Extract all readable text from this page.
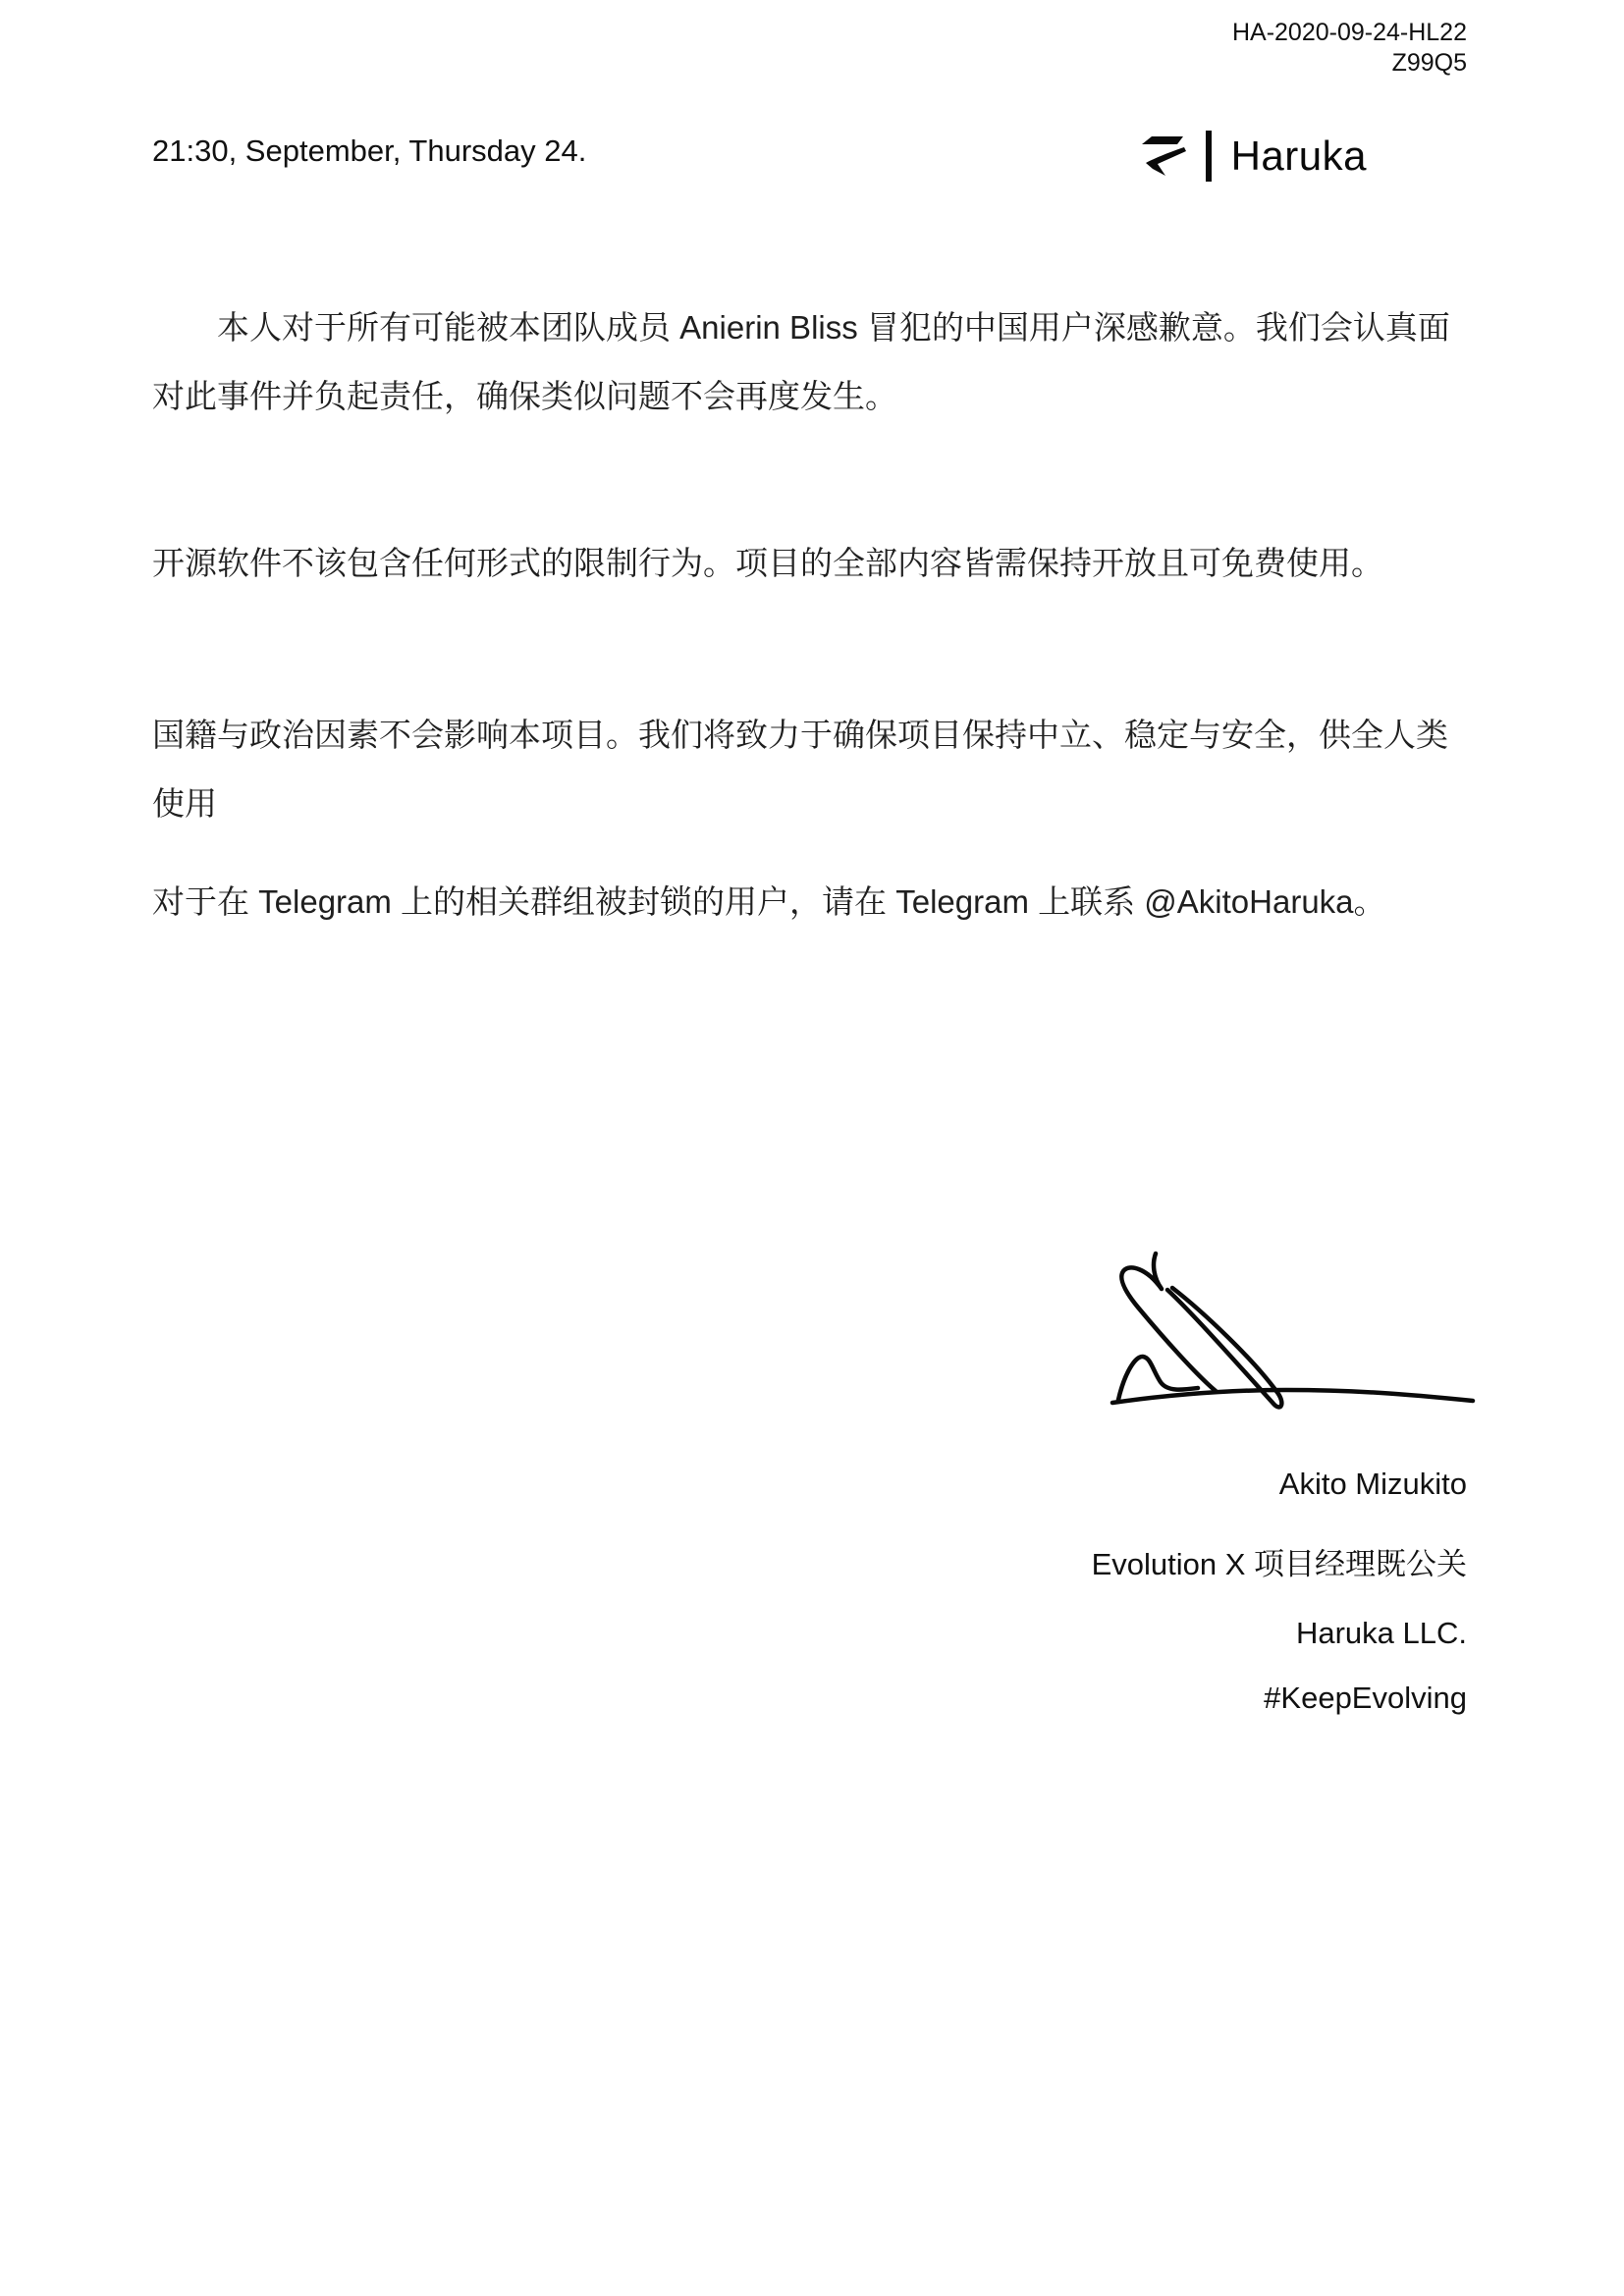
HA-2020-09-24-HL22
Z99Q5
21:30, September, Thursday 24.	Haruka

本人对于所有可能被本团队成员 Anierin Bliss 冒犯的中国用户深感歉意。我们会认真面对此事件并负起责任，确保类似问题不会再度发生。

开源软件不该包含任何形式的限制行为。项目的全部内容皆需保持开放且可免费使用。

国籍与政治因素不会影响本项目。我们将致力于确保项目保持中立、稳定与安全，供全人类使用

对于在 Telegram 上的相关群组被封锁的用户，请在 Telegram 上联系 @AkitoHaruka。

Akito Mizukito
Evolution X 项目经理既公关
Haruka LLC.
#KeepEvolving
